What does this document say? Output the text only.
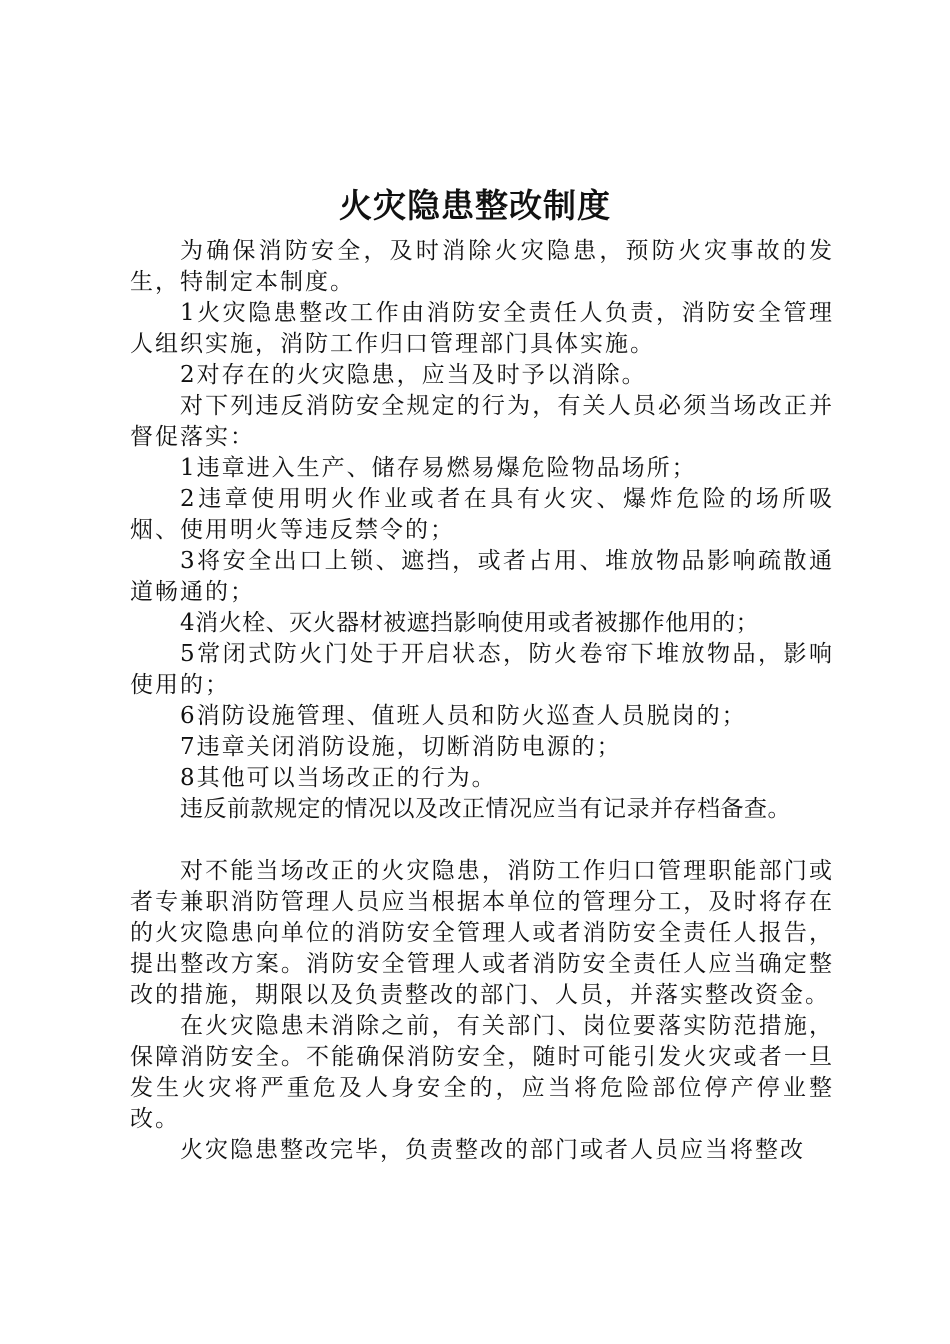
火灾隐患整改制度

为确保消防安全，及时消除火灾隐患，预防火灾事故的发生，特制定本制度。

1火灾隐患整改工作由消防安全责任人负责，消防安全管理人组织实施，消防工作归口管理部门具体实施。

2对存在的火灾隐患，应当及时予以消除。

对下列违反消防安全规定的行为，有关人员必须当场改正并督促落实：

1违章进入生产、储存易燃易爆危险物品场所；

2违章使用明火作业或者在具有火灾、爆炸危险的场所吸烟、使用明火等违反禁令的；

3将安全出口上锁、遮挡，或者占用、堆放物品影响疏散通道畅通的；

4消火栓、灭火器材被遮挡影响使用或者被挪作他用的；

5常闭式防火门处于开启状态，防火卷帘下堆放物品，影响使用的；

6消防设施管理、值班人员和防火巡查人员脱岗的；

7违章关闭消防设施，切断消防电源的；

8其他可以当场改正的行为。

违反前款规定的情况以及改正情况应当有记录并存档备查。

对不能当场改正的火灾隐患，消防工作归口管理职能部门或者专兼职消防管理人员应当根据本单位的管理分工，及时将存在的火灾隐患向单位的消防安全管理人或者消防安全责任人报告，提出整改方案。消防安全管理人或者消防安全责任人应当确定整改的措施，期限以及负责整改的部门、人员，并落实整改资金。

在火灾隐患未消除之前，有关部门、岗位要落实防范措施，保障消防安全。不能确保消防安全，随时可能引发火灾或者一旦发生火灾将严重危及人身安全的，应当将危险部位停产停业整改。

火灾隐患整改完毕，负责整改的部门或者人员应当将整改
